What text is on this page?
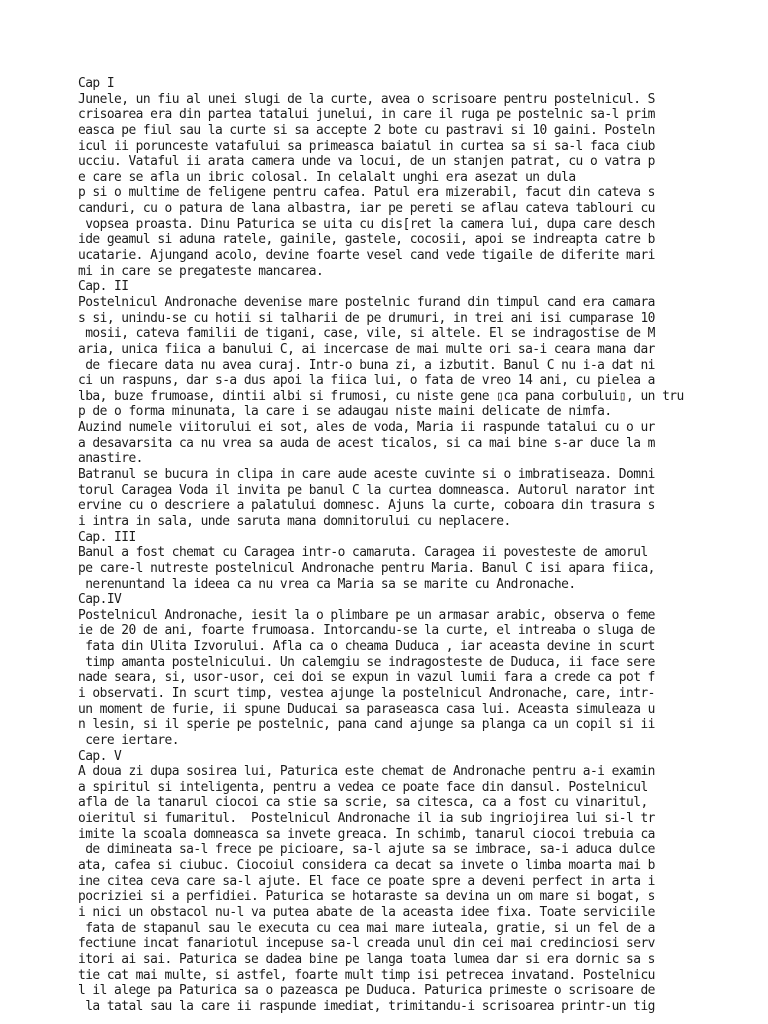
Cap I
Junele, un fiu al unei slugi de la curte, avea o scrisoare pentru postelnicul. S
crisoarea era din partea tatalui junelui, in care il ruga pe postelnic sa-l prim
easca pe fiul sau la curte si sa accepte 2 bote cu pastravi si 10 gaini. Posteln
icul ii porunceste vatafului sa primeasca baiatul in curtea sa si sa-l faca ciub
ucciu. Vataful ii arata camera unde va locui, de un stanjen patrat, cu o vatra p
e care se afla un ibric colosal. In celalalt unghi era asezat un dula
p si o multime de feligene pentru cafea. Patul era mizerabil, facut din cateva s
canduri, cu o patura de lana albastra, iar pe pereti se aflau cateva tablouri cu
vopsea proasta. Dinu Paturica se uita cu dis[ret la camera lui, dupa care desch
ide geamul si aduna ratele, gainile, gastele, cocosii, apoi se indreapta catre b
ucatarie. Ajungand acolo, devine foarte vesel cand vede tigaile de diferite mari
mi in care se pregateste mancarea.
Cap. II
Postelnicul Andronache devenise mare postelnic furand din timpul cand era camara
s si, unindu-se cu hotii si talharii de pe drumuri, in trei ani isi cumparase 10
mosii, cateva familii de tigani, case, vile, si altele. El se indragostise de M
aria, unica fiica a banului C, ai incercase de mai multe ori sa-i ceara mana dar
de fiecare data nu avea curaj. Intr-o buna zi, a izbutit. Banul C nu i-a dat ni
ci un raspuns, dar s-a dus apoi la fiica lui, o fata de vreo 14 ani, cu pielea a
lba, buze frumoase, dintii albi si frumosi, cu niste gene ▯ca pana corbului▯, un tru
p de o forma minunata, la care i se adaugau niste maini delicate de nimfa.
Auzind numele viitorului ei sot, ales de voda, Maria ii raspunde tatalui cu o ur
a desavarsita ca nu vrea sa auda de acest ticalos, si ca mai bine s-ar duce la m
anastire.
Batranul se bucura in clipa in care aude aceste cuvinte si o imbratiseaza. Domni
torul Caragea Voda il invita pe banul C la curtea domneasca. Autorul narator int
ervine cu o descriere a palatului domnesc. Ajuns la curte, coboara din trasura s
i intra in sala, unde saruta mana domnitorului cu neplacere.
Cap. III
Banul a fost chemat cu Caragea intr-o camaruta. Caragea ii povesteste de amorul
pe care-l nutreste postelnicul Andronache pentru Maria. Banul C isi apara fiica,
nerenuntand la ideea ca nu vrea ca Maria sa se marite cu Andronache.
Cap.IV
Postelnicul Andronache, iesit la o plimbare pe un armasar arabic, observa o feme
ie de 20 de ani, foarte frumoasa. Intorcandu-se la curte, el intreaba o sluga de
fata din Ulita Izvorului. Afla ca o cheama Duduca , iar aceasta devine in scurt
timp amanta postelnicului. Un calemgiu se indragosteste de Duduca, ii face sere
nade seara, si, usor-usor, cei doi se expun in vazul lumii fara a crede ca pot f
i observati. In scurt timp, vestea ajunge la postelnicul Andronache, care, intr-
un moment de furie, ii spune Duducai sa paraseasca casa lui. Aceasta simuleaza u
n lesin, si il sperie pe postelnic, pana cand ajunge sa planga ca un copil si ii
cere iertare.
Cap. V
A doua zi dupa sosirea lui, Paturica este chemat de Andronache pentru a-i examin
a spiritul si inteligenta, pentru a vedea ce poate face din dansul. Postelnicul
afla de la tanarul ciocoi ca stie sa scrie, sa citesca, ca a fost cu vinaritul,
oieritul si fumaritul.  Postelnicul Andronache il ia sub ingriojirea lui si-l tr
imite la scoala domneasca sa invete greaca. In schimb, tanarul ciocoi trebuia ca
de dimineata sa-l frece pe picioare, sa-l ajute sa se imbrace, sa-i aduca dulce
ata, cafea si ciubuc. Ciocoiul considera ca decat sa invete o limba moarta mai b
ine citea ceva care sa-l ajute. El face ce poate spre a deveni perfect in arta i
pocriziei si a perfidiei. Paturica se hotaraste sa devina un om mare si bogat, s
i nici un obstacol nu-l va putea abate de la aceasta idee fixa. Toate serviciile
fata de stapanul sau le executa cu cea mai mare iuteala, gratie, si un fel de a
fectiune incat fanariotul incepuse sa-l creada unul din cei mai credinciosi serv
itori ai sai. Paturica se dadea bine pe langa toata lumea dar si era dornic sa s
tie cat mai multe, si astfel, foarte mult timp isi petrecea invatand. Postelnicu
l il alege pa Paturica sa o pazeasca pe Duduca. Paturica primeste o scrisoare de
la tatal sau la care ii raspunde imediat, trimitandu-i scrisoarea printr-un tig
